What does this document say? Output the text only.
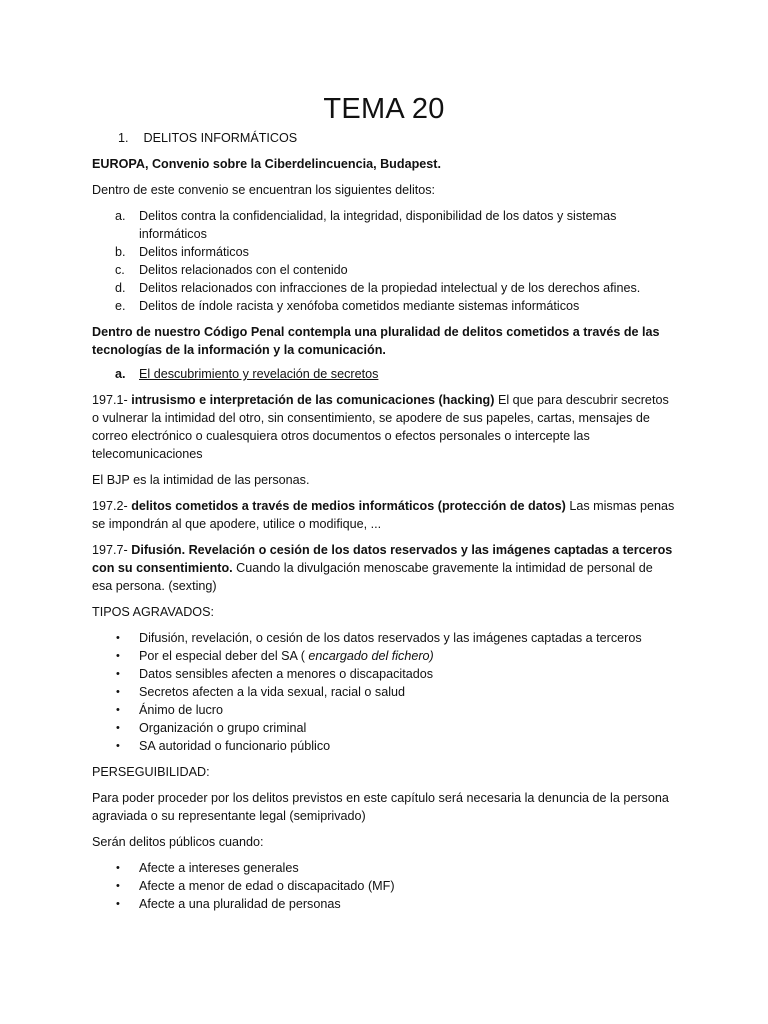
TEMA 20

1. DELITOS INFORMÁTICOS

EUROPA, Convenio sobre la Ciberdelincuencia, Budapest.

Dentro de este convenio se encuentran los siguientes delitos:

a. Delitos contra la confidencialidad, la integridad, disponibilidad de los datos y sistemas informáticos
b. Delitos informáticos
c. Delitos relacionados con el contenido
d. Delitos relacionados con infracciones de la propiedad intelectual y de los derechos afines.
e. Delitos de índole racista y xenófoba cometidos mediante sistemas informáticos

Dentro de nuestro Código Penal contempla una pluralidad de delitos cometidos a través de las tecnologías de la información y la comunicación.

a. El descubrimiento y revelación de secretos

197.1- intrusismo e interpretación de las comunicaciones (hacking) El que para descubrir secretos o vulnerar la intimidad del otro, sin consentimiento, se apodere de sus papeles, cartas, mensajes de correo electrónico o cualesquiera otros documentos o efectos personales o intercepte las telecomunicaciones

El BJP es la intimidad de las personas.

197.2- delitos cometidos a través de medios informáticos (protección de datos) Las mismas penas se impondrán al que apodere, utilice o modifique, ...

197.7- Difusión. Revelación o cesión de los datos reservados y las imágenes captadas a terceros con su consentimiento. Cuando la divulgación menoscabe gravemente la intimidad de personal de esa persona. (sexting)

TIPOS AGRAVADOS:

• Difusión, revelación, o cesión de los datos reservados y las imágenes captadas a terceros
• Por el especial deber del SA ( encargado del fichero)
• Datos sensibles afecten a menores o discapacitados
• Secretos afecten a la vida sexual, racial o salud
• Ánimo de lucro
• Organización o grupo criminal
• SA autoridad o funcionario público

PERSEGUIBILIDAD:

Para poder proceder por los delitos previstos en este capítulo será necesaria la denuncia de la persona agraviada o su representante legal (semiprivado)

Serán delitos públicos cuando:

• Afecte a intereses generales
• Afecte a menor de edad o discapacitado (MF)
• Afecte a una pluralidad de personas
